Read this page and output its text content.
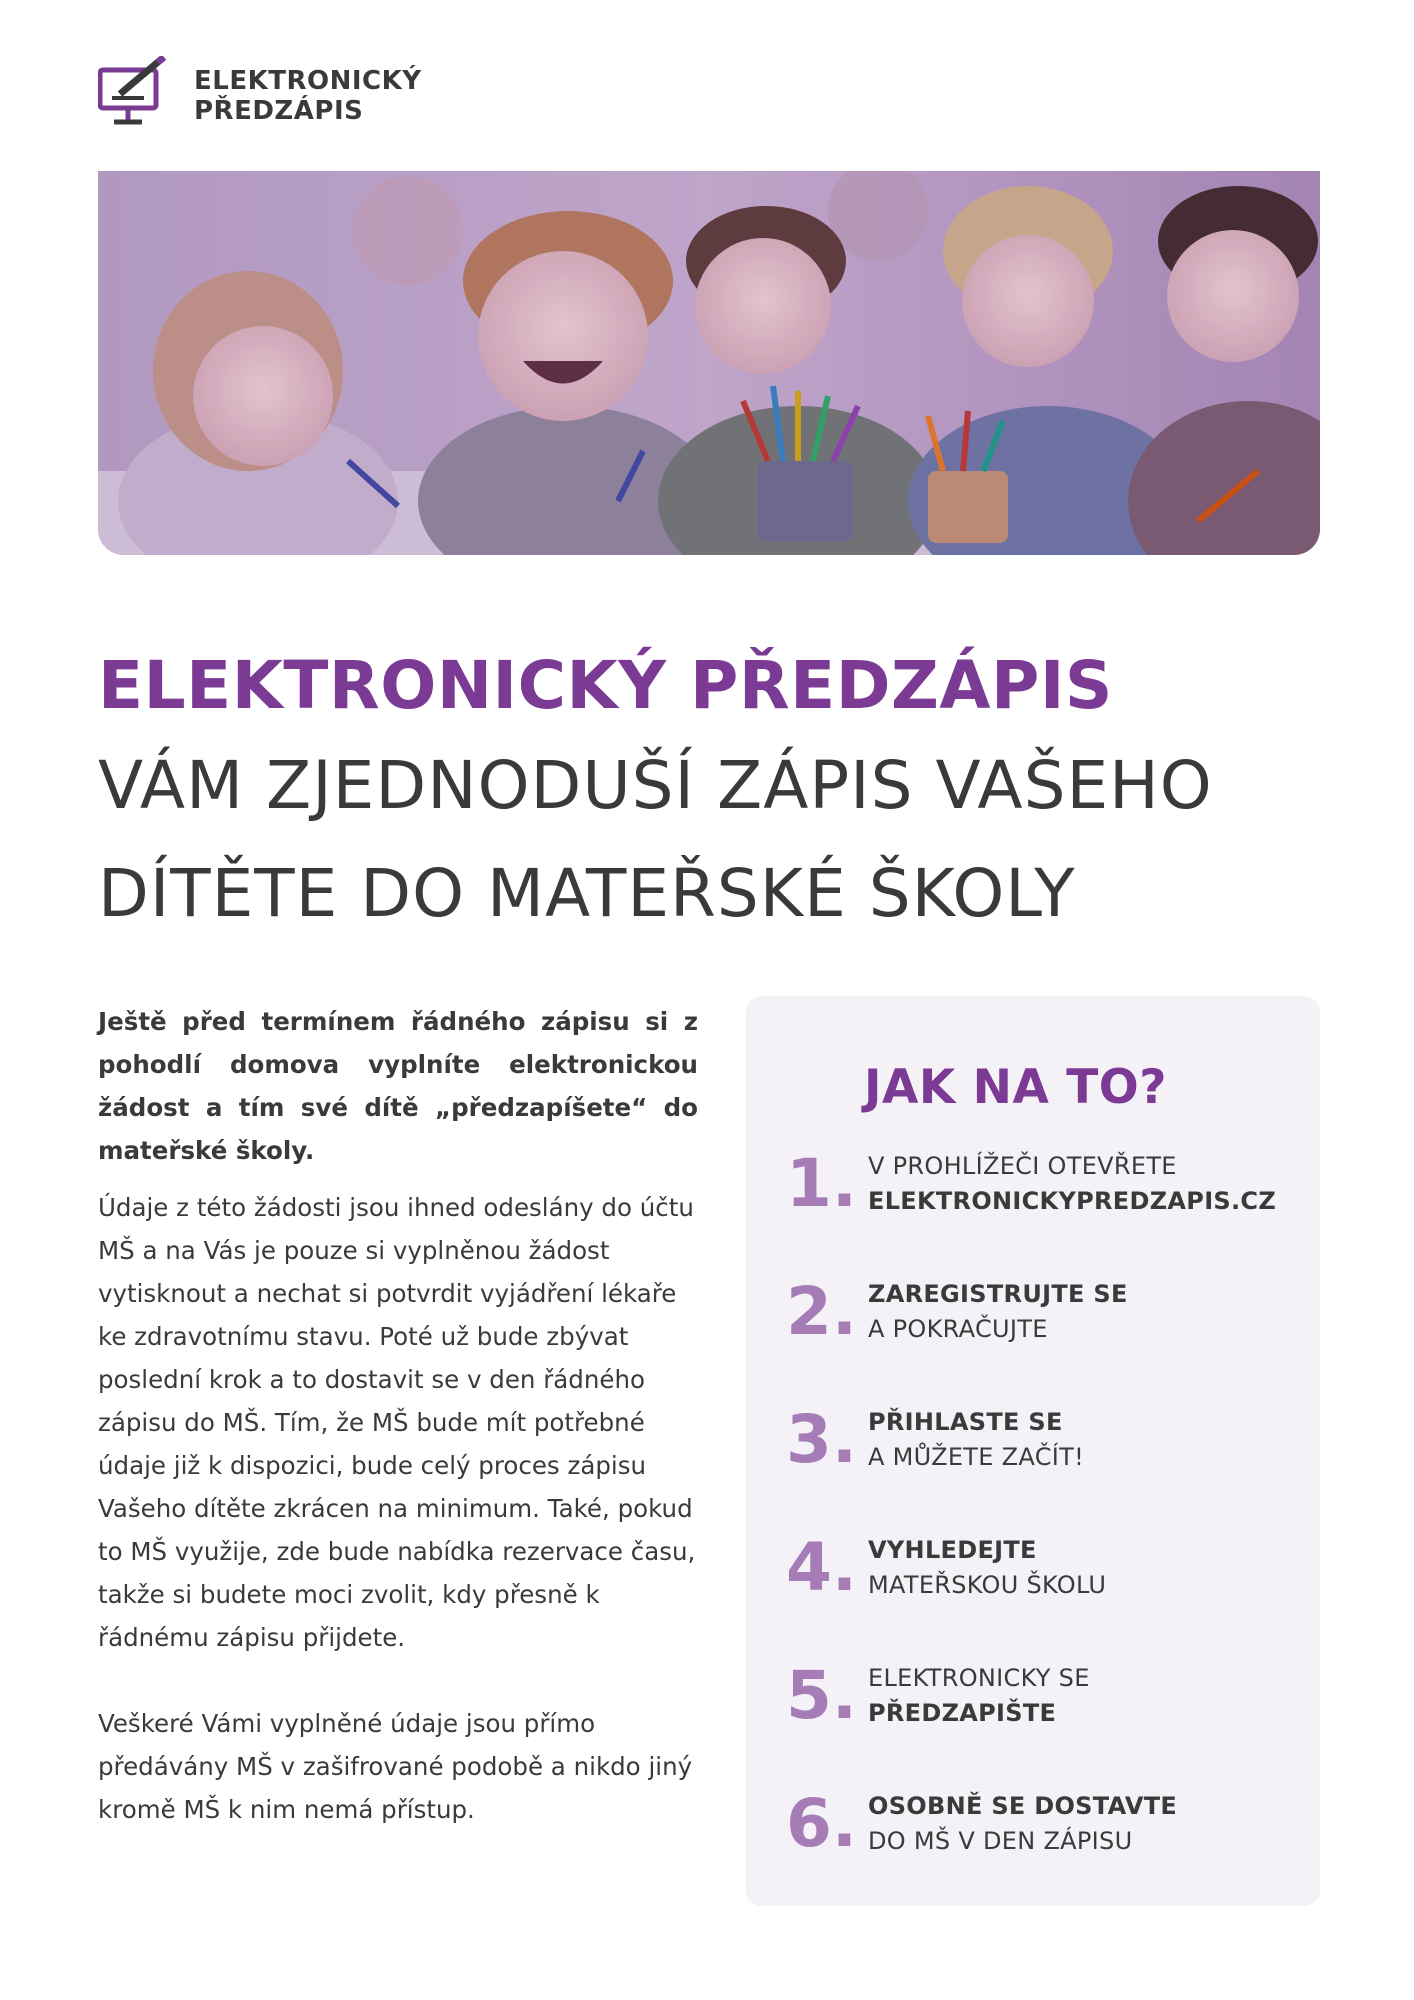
ELEKTRONICKÝ
PŘEDZÁPIS
ELEKTRONICKÝ PŘEDZÁPIS
VÁM ZJEDNODUŠÍ ZÁPIS VAŠEHO
DÍTĚTE DO MATEŘSKÉ ŠKOLY

Ještě před termínem řádného zápisu si z pohodlí domova vyplníte elektronickou žádost a tím své dítě „předzapíšete“ do mateřské školy.

Údaje z této žádosti jsou ihned odeslány do účtu MŠ a na Vás je pouze si vyplněnou žádost vytisknout a nechat si potvrdit vyjádření lékaře ke zdravotnímu stavu. Poté už bude zbývat poslední krok a to dostavit se v den řádného zápisu do MŠ. Tím, že MŠ bude mít potřebné údaje již k dispozici, bude celý proces zápisu Vašeho dítěte zkrácen na minimum. Také, pokud to MŠ využije, zde bude nabídka rezervace času, takže si budete moci zvolit, kdy přesně k řádnému zápisu přijdete.

Veškeré Vámi vyplněné údaje jsou přímo předávány MŠ v zašifrované podobě a nikdo jiný kromě MŠ k nim nemá přístup.

JAK NA TO?
1. V PROHLÍŽEČI OTEVŘETE
ELEKTRONICKYPREDZAPIS.CZ
2. ZAREGISTRUJTE SE
A POKRAČUJTE
3. PŘIHLASTE SE
A MŮŽETE ZAČÍT!
4. VYHLEDEJTE
MATEŘSKOU ŠKOLU
5. ELEKTRONICKY SE
PŘEDZAPIŠTE
6. OSOBNĚ SE DOSTAVTE
DO MŠ V DEN ZÁPISU
